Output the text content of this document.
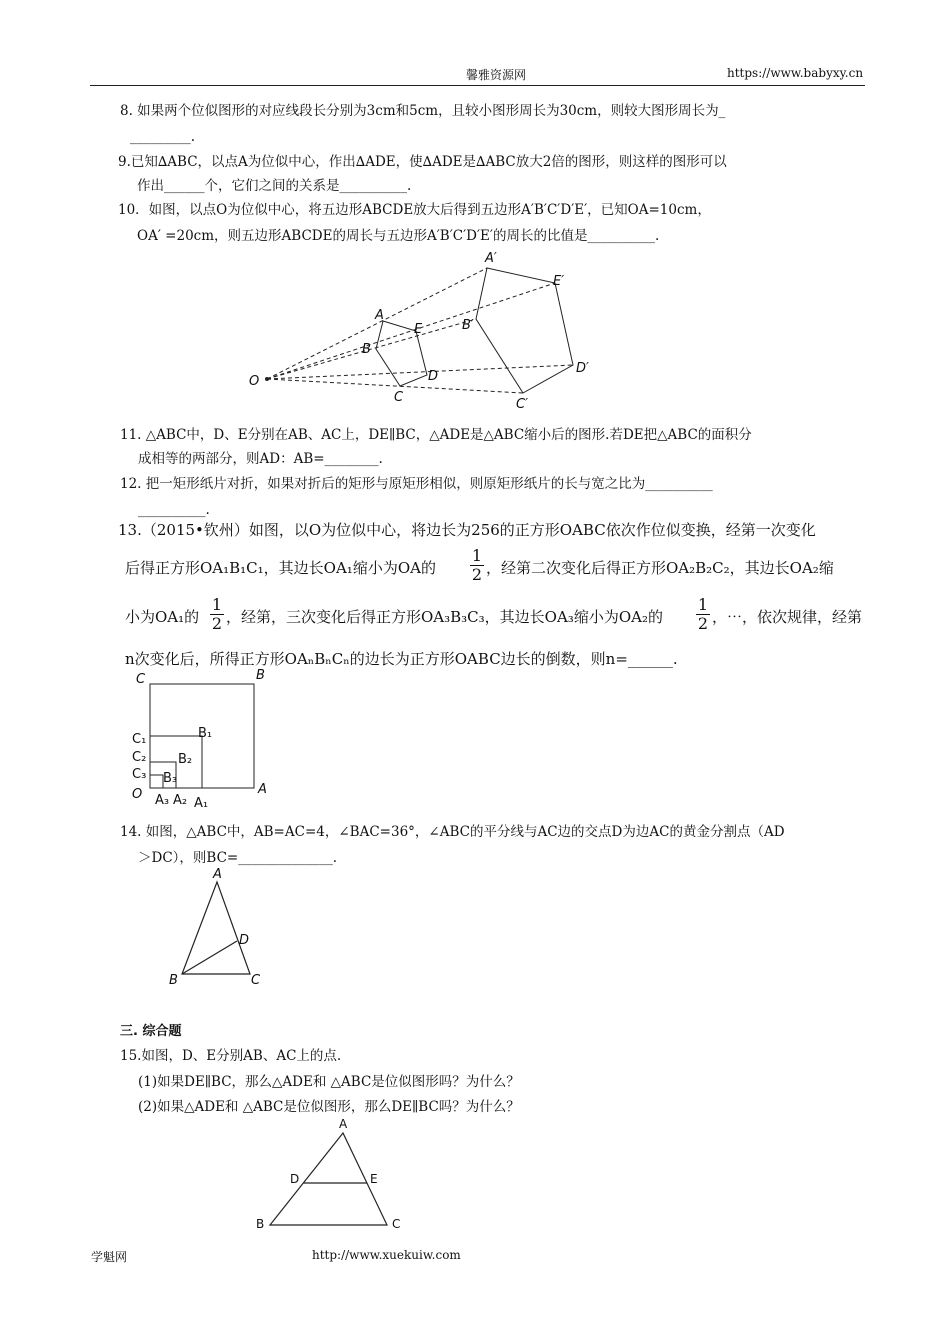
馨雅资源网	https://www.babyxy.cn
8. 如果两个位似图形的对应线段长分别为3cm和5cm，且较小图形周长为30cm，则较大图形周长为_
_________.
9.已知∆ABC，以点A为位似中心，作出∆ADE，使∆ADE是∆ABC放大2倍的图形，则这样的图形可以
作出______个，它们之间的关系是__________.
10．如图，以点O为位似中心，将五边形ABCDE放大后得到五边形A′B′C′D′E′，已知OA=10cm，
OA′ =20cm，则五边形ABCDE的周长与五边形A′B′C′D′E′的周长的比值是__________.
O
A
E
B
D
C
A′
E′
B′
D′
C′
11. △ABC中，D、E分别在AB、AC上，DE∥BC，△ADE是△ABC缩小后的图形.若DE把△ABC的面积分
成相等的两部分，则AD：AB=________.
12. 把一矩形纸片对折，如果对折后的矩形与原矩形相似，则原矩形纸片的长与宽之比为__________
__________.
13.（2015•钦州）如图，以O为位似中心，将边长为256的正方形OABC依次作位似变换，经第一次变化
后得正方形OA₁B₁C₁，其边长OA₁缩小为OA的 $\frac{1}{2}$ ，经第二次变化后得正方形OA₂B₂C₂，其边长OA₂缩
小为OA₁的 $\frac{1}{2}$ ，经第，三次变化后得正方形OA₃B₃C₃，其边长OA₃缩小为OA₂的 $\frac{1}{2}$ ，⋯，依次规律，经第
n次变化后，所得正方形OAₙBₙCₙ的边长为正方形OABC边长的倒数，则n=______.
C	B
C₁	B₁
C₂ B₂
C₃ B₃
O A₃ A₂ A₁
A
14. 如图，△ABC中，AB=AC=4，∠BAC=36°，∠ABC的平分线与AC边的交点D为边AC的黄金分割点（AD
＞DC），则BC=______________.
A
D
B	C
三. 综合题
15.如图，D、E分别AB、AC上的点.
(1)如果DE∥BC，那么△ADE和 △ABC是位似图形吗？为什么？
(2)如果△ADE和 △ABC是位似图形，那么DE∥BC吗？为什么？
A
D	E
B	C
学魁网	http://www.xuekuiw.com
